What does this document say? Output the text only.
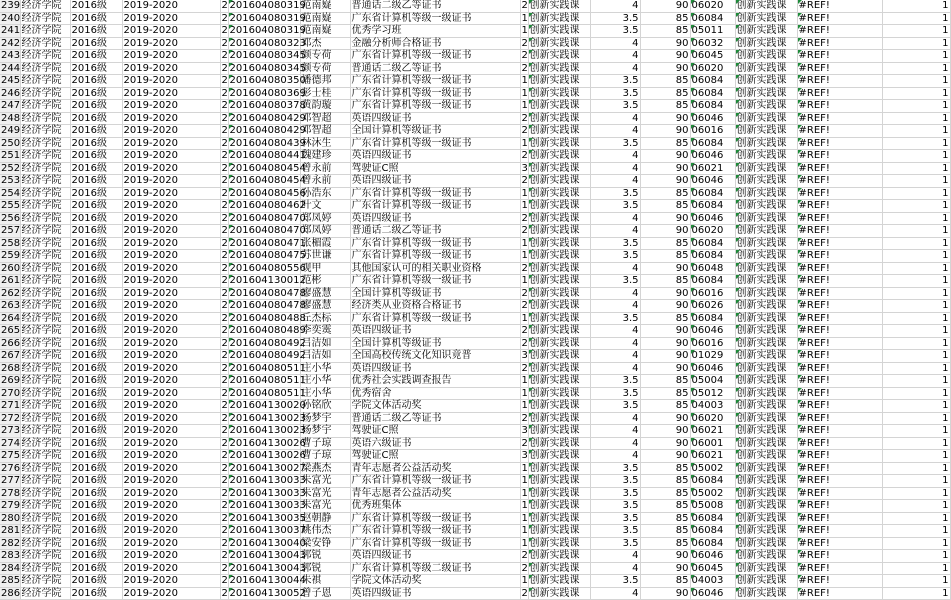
239	经济学院	2016级	2019-2020	2	201604080319	范南嶷	普通话二级乙等证书	2	创新实践课	4	90	06020	创新实践课	#REF!	1
240	经济学院	2016级	2019-2020	2	201604080319	范南嶷	广东省计算机等级一级证书	1	创新实践课	3.5	85	06084	创新实践课	#REF!	1
241	经济学院	2016级	2019-2020	2	201604080319	范南嶷	优秀学习班	1	创新实践课	3.5	85	05011	创新实践课	#REF!	1
242	经济学院	2016级	2019-2020	2	201604080323	邓杰	金融分析师合格证书	2	创新实践课	4	90	06032	创新实践课	#REF!	1
243	经济学院	2016级	2019-2020	2	201604080345	颜专荷	广东省计算机等级一级证书	2	创新实践课	4	90	06045	创新实践课	#REF!	1
244	经济学院	2016级	2019-2020	2	201604080345	颜专荷	普通话二级乙等证书	2	创新实践课	4	90	06020	创新实践课	#REF!	1
245	经济学院	2016级	2019-2020	2	201604080350	潘德邦	广东省计算机等级一级证书	1	创新实践课	3.5	85	06084	创新实践课	#REF!	1
246	经济学院	2016级	2019-2020	2	201604080369	彭士桂	广东省计算机等级一级证书	1	创新实践课	3.5	85	06084	创新实践课	#REF!	1
247	经济学院	2016级	2019-2020	2	201604080378	黄韵璇	广东省计算机等级一级证书	1	创新实践课	3.5	85	06084	创新实践课	#REF!	1
248	经济学院	2016级	2019-2020	2	201604080429	邓智超	英语四级证书	2	创新实践课	4	90	06046	创新实践课	#REF!	1
249	经济学院	2016级	2019-2020	2	201604080429	邓智超	全国计算机等级证书	2	创新实践课	4	90	06016	创新实践课	#REF!	1
250	经济学院	2016级	2019-2020	2	201604080439	林沐生	广东省计算机等级一级证书	1	创新实践课	3.5	85	06084	创新实践课	#REF!	1
251	经济学院	2016级	2019-2020	2	201604080441	魏建珍	英语四级证书	2	创新实践课	4	90	06046	创新实践课	#REF!	1
252	经济学院	2016级	2019-2020	2	201604080454	曾永前	驾驶证C照	3	创新实践课	4	90	06021	创新实践课	#REF!	1
253	经济学院	2016级	2019-2020	2	201604080454	曾永前	英语四级证书	2	创新实践课	4	90	06046	创新实践课	#REF!	1
254	经济学院	2016级	2019-2020	2	201604080456	孙浩东	广东省计算机等级一级证书	1	创新实践课	3.5	85	06084	创新实践课	#REF!	1
255	经济学院	2016级	2019-2020	2	201604080462	叶文	广东省计算机等级一级证书	1	创新实践课	3.5	85	06084	创新实践课	#REF!	1
256	经济学院	2016级	2019-2020	2	201604080470	郑凤婷	英语四级证书	2	创新实践课	4	90	06046	创新实践课	#REF!	1
257	经济学院	2016级	2019-2020	2	201604080470	郑凤婷	普通话二级乙等证书	2	创新实践课	4	90	06020	创新实践课	#REF!	1
258	经济学院	2016级	2019-2020	2	201604080471	张楣霞	广东省计算机等级一级证书	1	创新实践课	3.5	85	06084	创新实践课	#REF!	1
259	经济学院	2016级	2019-2020	2	201604080475	苏世谦	广东省计算机等级一级证书	1	创新实践课	3.5	85	06084	创新实践课	#REF!	1
260	经济学院	2016级	2019-2020	2	201604080556	观甲	其他国家认可的相关职业资格	2	创新实践课	4	90	06048	创新实践课	#REF!	1
261	经济学院	2016级	2019-2020	2	201604130012	范彬	广东省计算机等级一级证书	1	创新实践课	3.5	85	06084	创新实践课	#REF!	1
262	经济学院	2016级	2019-2020	2	201604080478	廖盛慧	全国计算机等级证书	2	创新实践课	4	90	06016	创新实践课	#REF!	1
263	经济学院	2016级	2019-2020	2	201604080478	廖盛慧	经济类从业资格合格证书	2	创新实践课	4	90	06026	创新实践课	#REF!	1
264	经济学院	2016级	2019-2020	2	201604080488	丘杰标	广东省计算机等级一级证书	1	创新实践课	3.5	85	06084	创新实践课	#REF!	1
265	经济学院	2016级	2019-2020	2	201604080489	李奕霙	英语四级证书	2	创新实践课	4	90	06046	创新实践课	#REF!	1
266	经济学院	2016级	2019-2020	2	201604080492	吕洁如	全国计算机等级证书	2	创新实践课	4	90	06016	创新实践课	#REF!	1
267	经济学院	2016级	2019-2020	2	201604080492	吕洁如	全国高校传统文化知识竟普	3	创新实践课	4	90	01029	创新实践课	#REF!	1
268	经济学院	2016级	2019-2020	2	201604080511	庄小华	英语四级证书	2	创新实践课	4	90	06046	创新实践课	#REF!	1
269	经济学院	2016级	2019-2020	2	201604080511	庄小华	优秀社会实践调查报告	1	创新实践课	3.5	85	05004	创新实践课	#REF!	1
270	经济学院	2016级	2019-2020	2	201604080511	庄小华	优秀宿舍	1	创新实践课	3.5	85	05012	创新实践课	#REF!	1
271	经济学院	2016级	2019-2020	2	201604130020	孙铭欣	学院文体活动奖	1	创新实践课	3.5	85	04003	创新实践课	#REF!	1
272	经济学院	2016级	2019-2020	2	201604130023	杨梦宇	普通话二级乙等证书	2	创新实践课	4	90	06020	创新实践课	#REF!	1
273	经济学院	2016级	2019-2020	2	201604130023	杨梦宇	驾驶证C照	3	创新实践课	4	90	06021	创新实践课	#REF!	1
274	经济学院	2016级	2019-2020	2	201604130026	曹子琼	英语六级证书	2	创新实践课	4	90	06001	创新实践课	#REF!	1
275	经济学院	2016级	2019-2020	2	201604130026	曹子琼	驾驶证C照	3	创新实践课	4	90	06021	创新实践课	#REF!	1
276	经济学院	2016级	2019-2020	2	201604130027	梁燕杰	青年志愿者公益活动奖	1	创新实践课	3.5	85	05002	创新实践课	#REF!	1
277	经济学院	2016级	2019-2020	2	201604130033	朱富光	广东省计算机等级一级证书	1	创新实践课	3.5	85	06084	创新实践课	#REF!	1
278	经济学院	2016级	2019-2020	2	201604130033	朱富光	青年志愿者公益活动奖	1	创新实践课	3.5	85	05002	创新实践课	#REF!	1
279	经济学院	2016级	2019-2020	2	201604130033	朱富光	优秀班集体	1	创新实践课	3.5	85	05008	创新实践课	#REF!	1
280	经济学院	2016级	2019-2020	2	201604130035	赵朝静	广东省计算机等级一级证书	1	创新实践课	3.5	85	06084	创新实践课	#REF!	1
281	经济学院	2016级	2019-2020	2	201604130037	姚伟杰	广东省计算机等级一级证书	1	创新实践课	3.5	85	06084	创新实践课	#REF!	1
282	经济学院	2016级	2019-2020	2	201604130040	梁安铮	广东省计算机等级一级证书	1	创新实践课	3.5	85	06084	创新实践课	#REF!	1
283	经济学院	2016级	2019-2020	2	201604130043	郭锐	英语四级证书	2	创新实践课	4	90	06046	创新实践课	#REF!	1
284	经济学院	2016级	2019-2020	2	201604130043	郭锐	广东省计算机等级二级证书	2	创新实践课	4	90	06045	创新实践课	#REF!	1
285	经济学院	2016级	2019-2020	2	201604130044	朱褀	学院文体活动奖	1	创新实践课	3.5	85	04003	创新实践课	#REF!	1
286	经济学院	2016级	2019-2020	2	201604130052	曾子恩	英语四级证书	2	创新实践课	4	90	06046	创新实践课	#REF!	1
